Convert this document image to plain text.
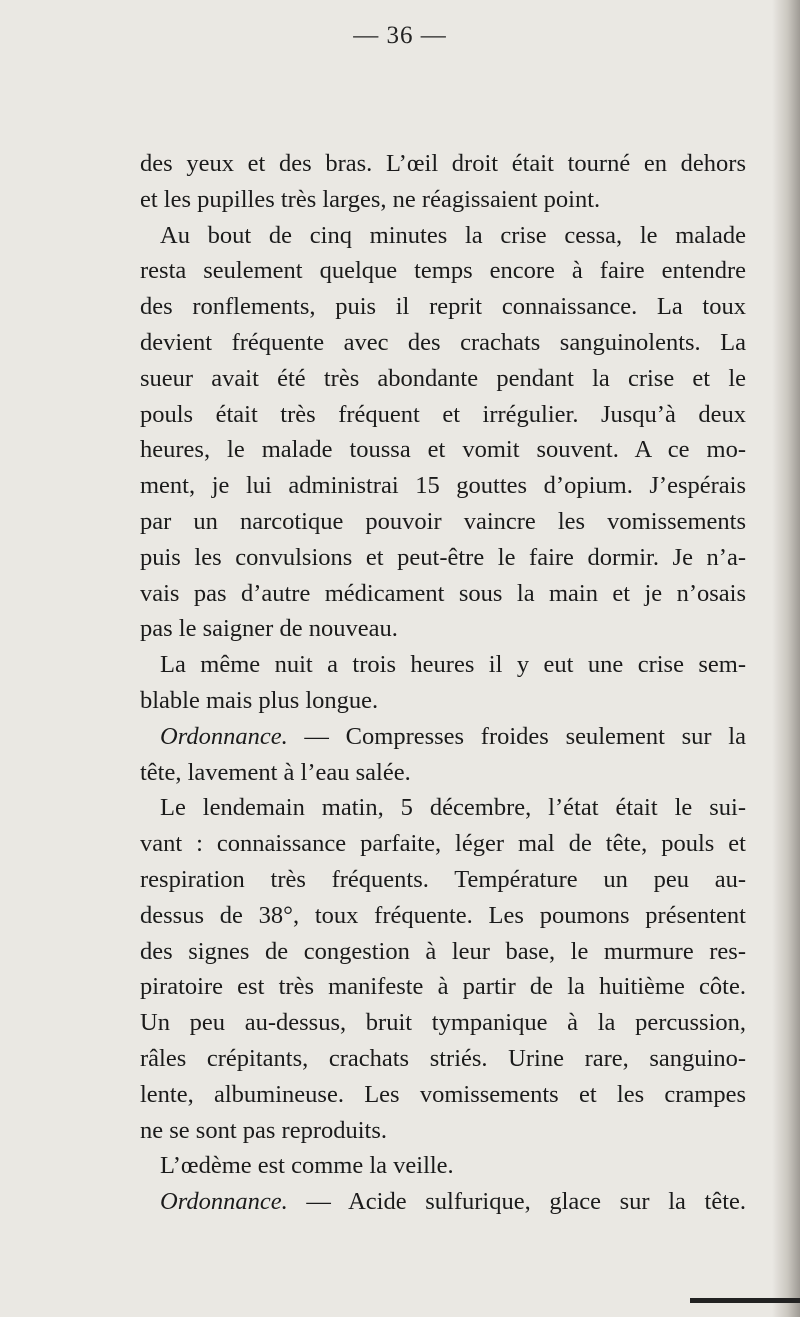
— 36 —
des yeux et des bras. L’œil droit était tourné en dehors
et les pupilles très larges, ne réagissaient point.
Au bout de cinq minutes la crise cessa, le malade
resta seulement quelque temps encore à faire entendre
des ronflements, puis il reprit connaissance. La toux
devient fréquente avec des crachats sanguinolents. La
sueur avait été très abondante pendant la crise et le
pouls était très fréquent et irrégulier. Jusqu’à deux
heures, le malade toussa et vomit souvent. A ce mo-
ment, je lui administrai 15 gouttes d’opium. J’espérais
par un narcotique pouvoir vaincre les vomissements
puis les convulsions et peut-être le faire dormir. Je n’a-
vais pas d’autre médicament sous la main et je n’osais
pas le saigner de nouveau.
La même nuit a trois heures il y eut une crise sem-
blable mais plus longue.
Ordonnance. — Compresses froides seulement sur la
tête, lavement à l’eau salée.
Le lendemain matin, 5 décembre, l’état était le sui-
vant : connaissance parfaite, léger mal de tête, pouls et
respiration très fréquents. Température un peu au-
dessus de 38°, toux fréquente. Les poumons présentent
des signes de congestion à leur base, le murmure res-
piratoire est très manifeste à partir de la huitième côte.
Un peu au-dessus, bruit tympanique à la percussion,
râles crépitants, crachats striés. Urine rare, sanguino-
lente, albumineuse. Les vomissements et les crampes
ne se sont pas reproduits.
L’œdème est comme la veille.
Ordonnance. — Acide sulfurique, glace sur la tête.
